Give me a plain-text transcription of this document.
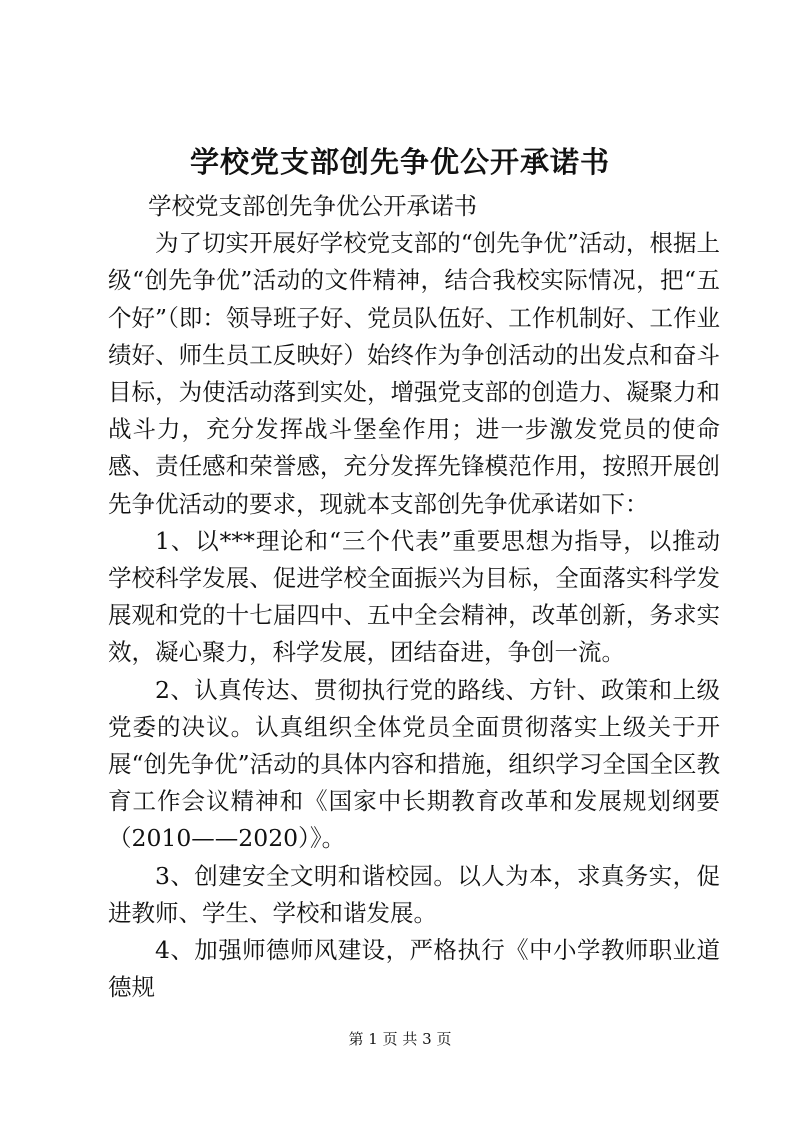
学校党支部创先争优公开承诺书

学校党支部创先争优公开承诺书

为了切实开展好学校党支部的“创先争优”活动，根据上级“创先争优”活动的文件精神，结合我校实际情况，把“五个好”（即：领导班子好、党员队伍好、工作机制好、工作业绩好、师生员工反映好）始终作为争创活动的出发点和奋斗目标，为使活动落到实处，增强党支部的创造力、凝聚力和战斗力，充分发挥战斗堡垒作用；进一步激发党员的使命感、责任感和荣誉感，充分发挥先锋模范作用，按照开展创先争优活动的要求，现就本支部创先争优承诺如下：

1、以***理论和“三个代表”重要思想为指导，以推动学校科学发展、促进学校全面振兴为目标，全面落实科学发展观和党的十七届四中、五中全会精神，改革创新，务求实效，凝心聚力，科学发展，团结奋进，争创一流。

2、认真传达、贯彻执行党的路线、方针、政策和上级党委的决议。认真组织全体党员全面贯彻落实上级关于开展“创先争优”活动的具体内容和措施，组织学习全国全区教育工作会议精神和《国家中长期教育改革和发展规划纲要（2010——2020）》。

3、创建安全文明和谐校园。以人为本，求真务实，促进教师、学生、学校和谐发展。

4、加强师德师风建设，严格执行《中小学教师职业道德规

第 1 页 共 3 页
